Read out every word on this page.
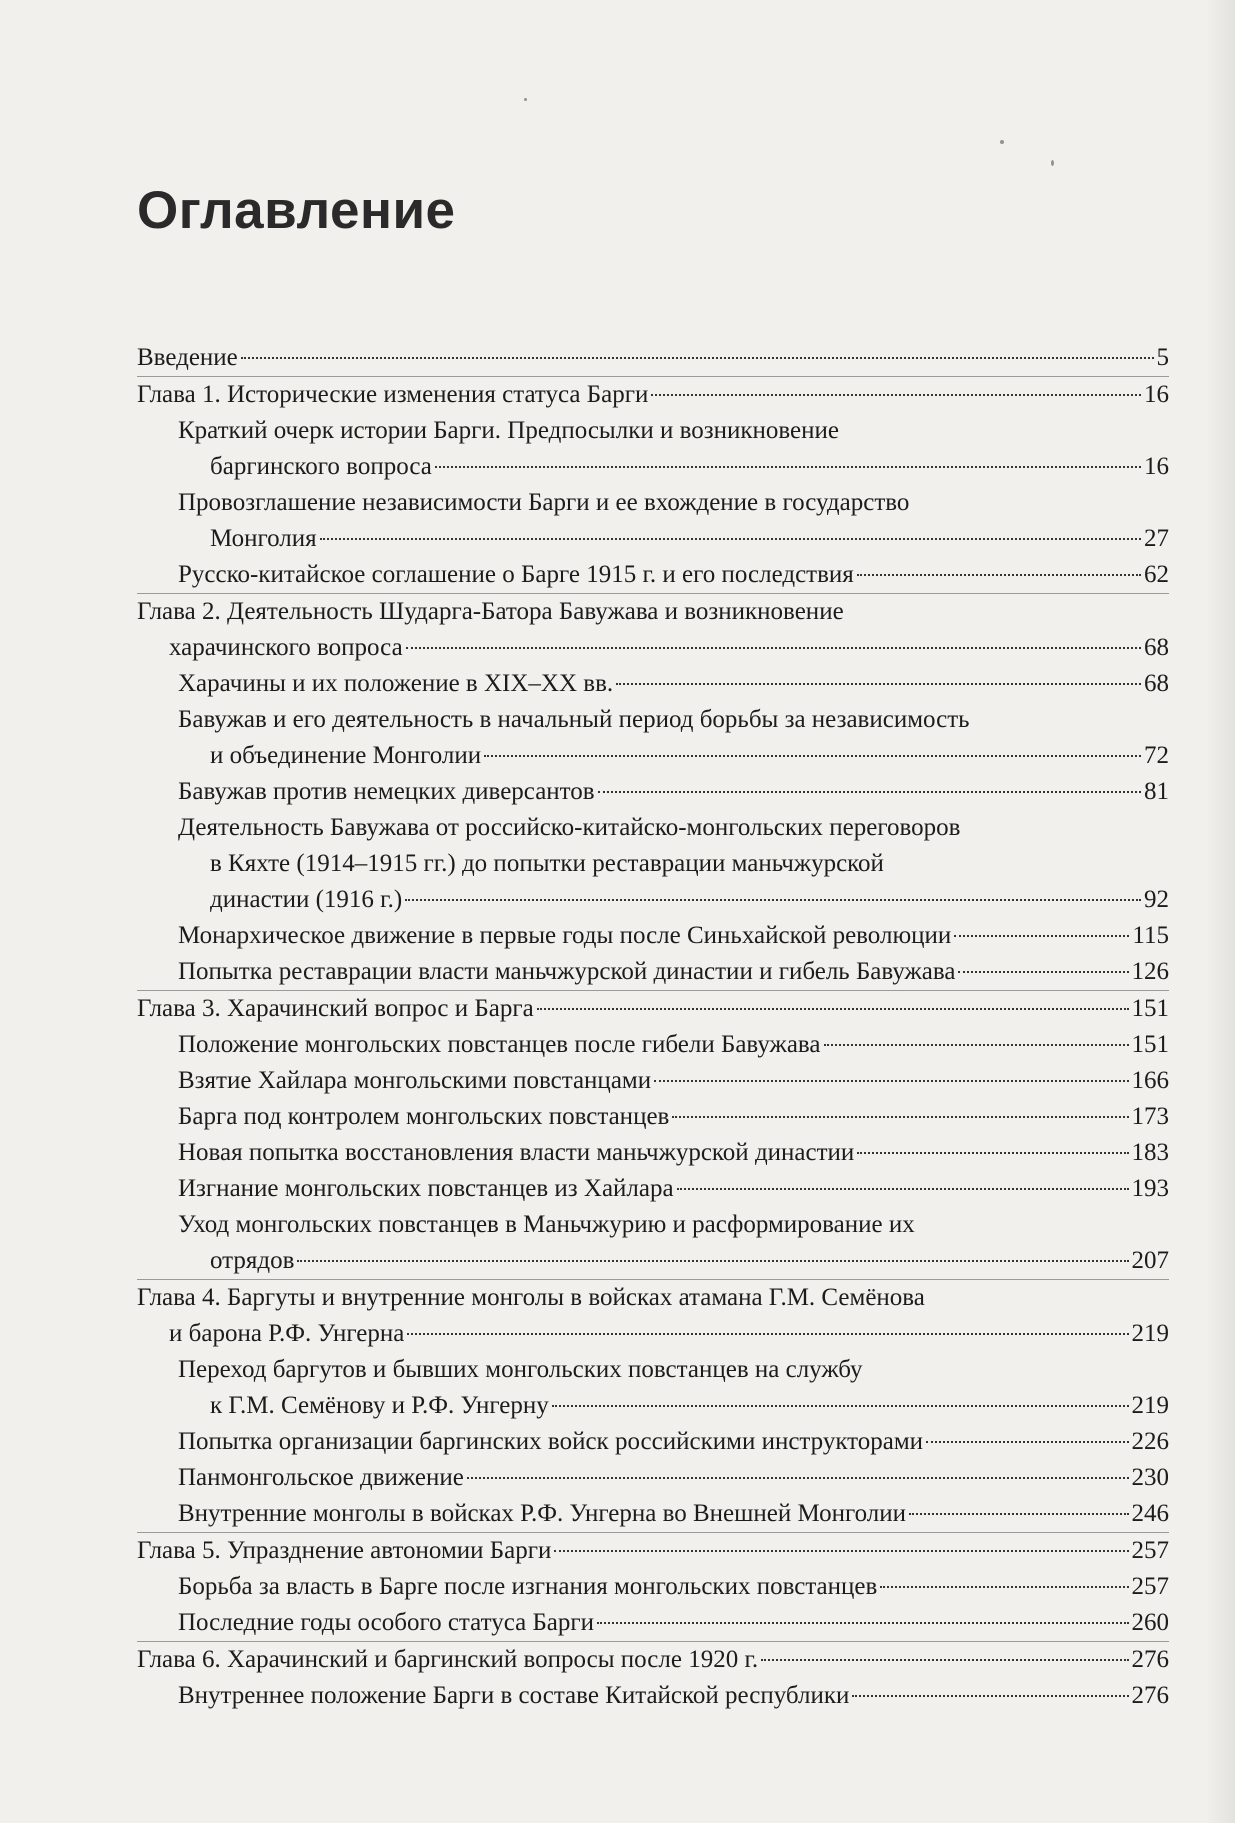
Оглавление
Введение	5
Глава 1. Исторические изменения статуса Барги	16
Краткий очерк истории Барги. Предпосылки и возникновение
баргинского вопроса	16
Провозглашение независимости Барги и ее вхождение в государство
Монголия	27
Русско-китайское соглашение о Барге 1915 г. и его последствия	62
Глава 2. Деятельность Шударга-Батора Бавужава и возникновение
харачинского вопроса	68
Харачины и их положение в XIX–XX вв.	68
Бавужав и его деятельность в начальный период борьбы за независимость
и объединение Монголии	72
Бавужав против немецких диверсантов	81
Деятельность Бавужава от российско-китайско-монгольских переговоров
в Кяхте (1914–1915 гг.) до попытки реставрации маньчжурской
династии (1916 г.)	92
Монархическое движение в первые годы после Синьхайской революции	115
Попытка реставрации власти маньчжурской династии и гибель Бавужава	126
Глава 3. Харачинский вопрос и Барга	151
Положение монгольских повстанцев после гибели Бавужава	151
Взятие Хайлара монгольскими повстанцами	166
Барга под контролем монгольских повстанцев	173
Новая попытка восстановления власти маньчжурской династии	183
Изгнание монгольских повстанцев из Хайлара	193
Уход монгольских повстанцев в Маньчжурию и расформирование их
отрядов	207
Глава 4. Баргуты и внутренние монголы в войсках атамана Г.М. Семёнова
и барона Р.Ф. Унгерна	219
Переход баргутов и бывших монгольских повстанцев на службу
к Г.М. Семёнову и Р.Ф. Унгерну	219
Попытка организации баргинских войск российскими инструкторами	226
Панмонгольское движение	230
Внутренние монголы в войсках Р.Ф. Унгерна во Внешней Монголии	246
Глава 5. Упразднение автономии Барги	257
Борьба за власть в Барге после изгнания монгольских повстанцев	257
Последние годы особого статуса Барги	260
Глава 6. Харачинский и баргинский вопросы после 1920 г.	276
Внутреннее положение Барги в составе Китайской республики	276
